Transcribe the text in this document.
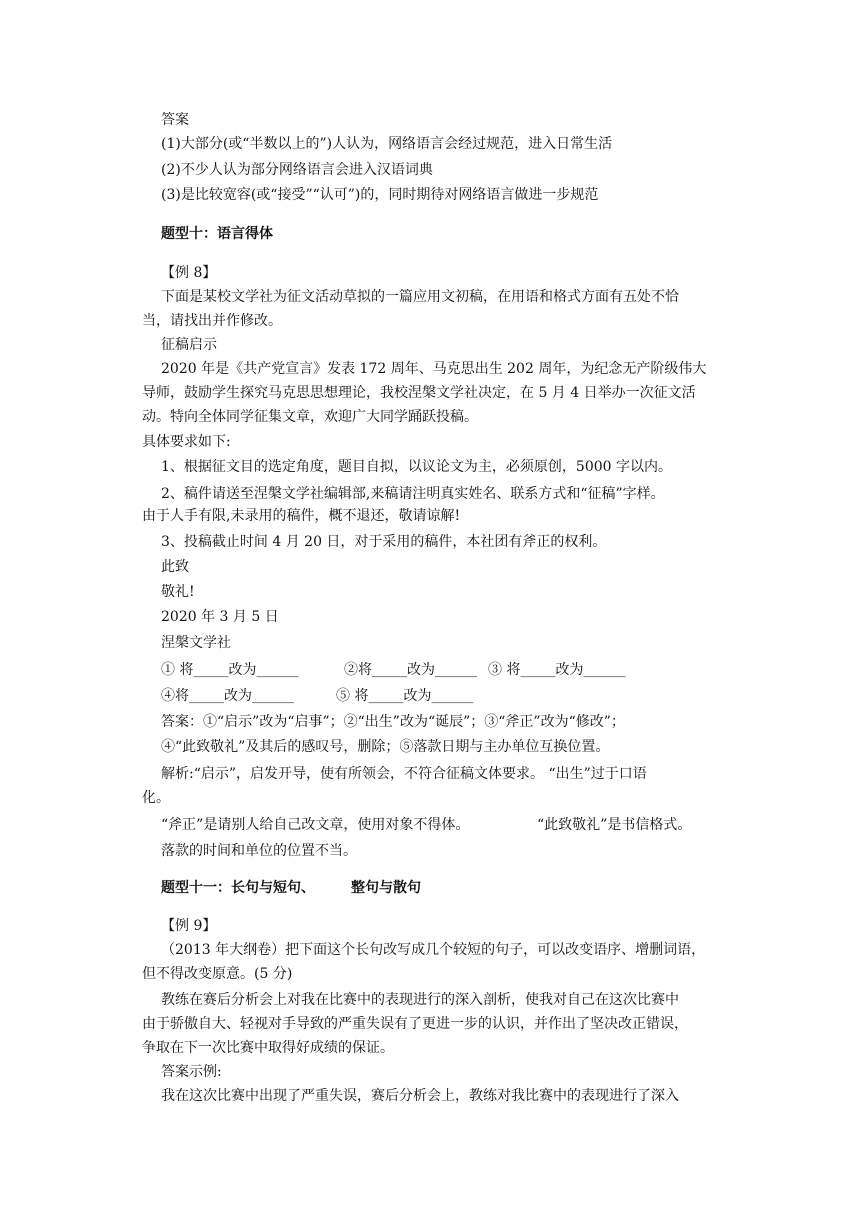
答案
(1)大部分(或“半数以上的”)人认为，网络语言会经过规范，进入日常生活
(2)不少人认为部分网络语言会进入汉语词典
(3)是比较宽容(或“接受”“认可”)的，同时期待对网络语言做进一步规范
题型十：语言得体
【例 8】
下面是某校文学社为征文活动草拟的一篇应用文初稿，在用语和格式方面有五处不恰
当，请找出并作修改。
征稿启示
2020 年是《共产党宣言》发表 172 周年、马克思出生 202 周年，为纪念无产阶级伟大
导师，鼓励学生探究马克思思想理论，我校涅槃文学社决定，在 5 月 4 日举办一次征文活
动。特向全体同学征集文章，欢迎广大同学踊跃投稿。
具体要求如下:
1、根据征文目的选定角度，题目自拟，以议论文为主，必须原创，5000 字以内。
2、稿件请送至涅槃文学社编辑部,来稿请注明真实姓名、联系方式和“征稿”字样。
由于人手有限,未录用的稿件，概不退还，敬请谅解!
3、投稿截止时间 4 月 20 日，对于采用的稿件，本社团有斧正的权利。
此致
敬礼!
2020 年 3 月 5 日
涅槃文学社
① 将_____改为______	②将_____改为______ ③ 将_____改为______
④将_____改为______	⑤ 将_____改为______
答案：①“启示”改为“启事”；②“出生”改为“诞辰”；③“斧正”改为“修改”；
④“此致敬礼”及其后的感叹号，删除；⑤落款日期与主办单位互换位置。
解析:“启示”，启发开导，使有所领会，不符合征稿文体要求。 “出生”过于口语
化。
“斧正”是请别人给自己改文章，使用对象不得体。	“此致敬礼”是书信格式。
落款的时间和单位的位置不当。
题型十一：长句与短句、	整句与散句
【例 9】
（2013 年大纲卷）把下面这个长句改写成几个较短的句子，可以改变语序、增删词语，
但不得改变原意。(5 分)
教练在赛后分析会上对我在比赛中的表现进行的深入剖析，使我对自己在这次比赛中
由于骄傲自大、轻视对手导致的严重失误有了更进一步的认识，并作出了坚决改正错误，
争取在下一次比赛中取得好成绩的保证。
答案示例:
我在这次比赛中出现了严重失误，赛后分析会上，教练对我比赛中的表现进行了深入
